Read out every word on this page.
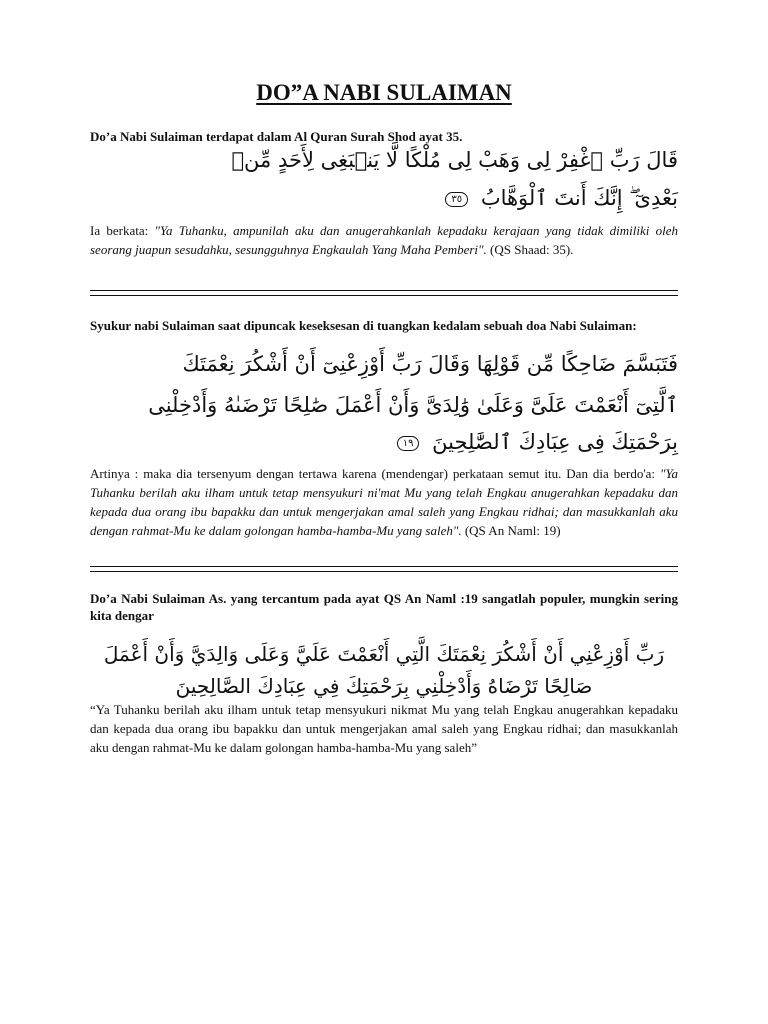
DO”A NABI SULAIMAN
Do’a Nabi Sulaiman terdapat dalam Al Quran Surah Shod ayat 35.
قَالَ رَبِّ ٱغْفِرْ لِى وَهَبْ لِى مُلْكًا لَّا يَنۢبَغِى لِأَحَدٍ مِّنۢ
بَعْدِىٓ ۖ إِنَّكَ أَنتَ ٱلْوَهَّابُ ٣٥
Ia berkata: "Ya Tuhanku, ampunilah aku dan anugerahkanlah kepadaku kerajaan yang tidak dimiliki oleh seorang juapun sesudahku, sesungguhnya Engkaulah Yang Maha Pemberi". (QS Shaad: 35).
Syukur nabi Sulaiman saat dipuncak keseksesan di tuangkan kedalam sebuah doa Nabi Sulaiman:
فَتَبَسَّمَ ضَاحِكًا مِّن قَوْلِهَا وَقَالَ رَبِّ أَوْزِعْنِىٓ أَنْ أَشْكُرَ نِعْمَتَكَ
ٱلَّتِىٓ أَنْعَمْتَ عَلَىَّ وَعَلَىٰ وَٰلِدَىَّ وَأَنْ أَعْمَلَ صَٰلِحًا تَرْضَىٰهُ وَأَدْخِلْنِى
بِرَحْمَتِكَ فِى عِبَادِكَ ٱلصَّٰلِحِينَ ١٩
Artinya : maka dia tersenyum dengan tertawa karena (mendengar) perkataan semut itu. Dan dia berdo'a: "Ya Tuhanku berilah aku ilham untuk tetap mensyukuri ni'mat Mu yang telah Engkau anugerahkan kepadaku dan kepada dua orang ibu bapakku dan untuk mengerjakan amal saleh yang Engkau ridhai; dan masukkanlah aku dengan rahmat-Mu ke dalam golongan hamba-hamba-Mu yang saleh". (QS An Naml: 19)
Do’a Nabi Sulaiman As. yang tercantum pada ayat QS An Naml :19 sangatlah populer, mungkin sering kita dengar
رَبِّ أَوْزِعْنِي أَنْ أَشْكُرَ نِعْمَتَكَ الَّتِي أَنْعَمْتَ عَلَيَّ وَعَلَى وَالِدَيَّ وَأَنْ أَعْمَلَ
صَالِحًا تَرْضَاهُ وَأَدْخِلْنِي بِرَحْمَتِكَ فِي عِبَادِكَ الصَّالِحِينَ
“Ya Tuhanku berilah aku ilham untuk tetap mensyukuri nikmat Mu yang telah Engkau anugerahkan kepadaku dan kepada dua orang ibu bapakku dan untuk mengerjakan amal saleh yang Engkau ridhai; dan masukkanlah aku dengan rahmat-Mu ke dalam golongan hamba-hamba-Mu yang saleh”
